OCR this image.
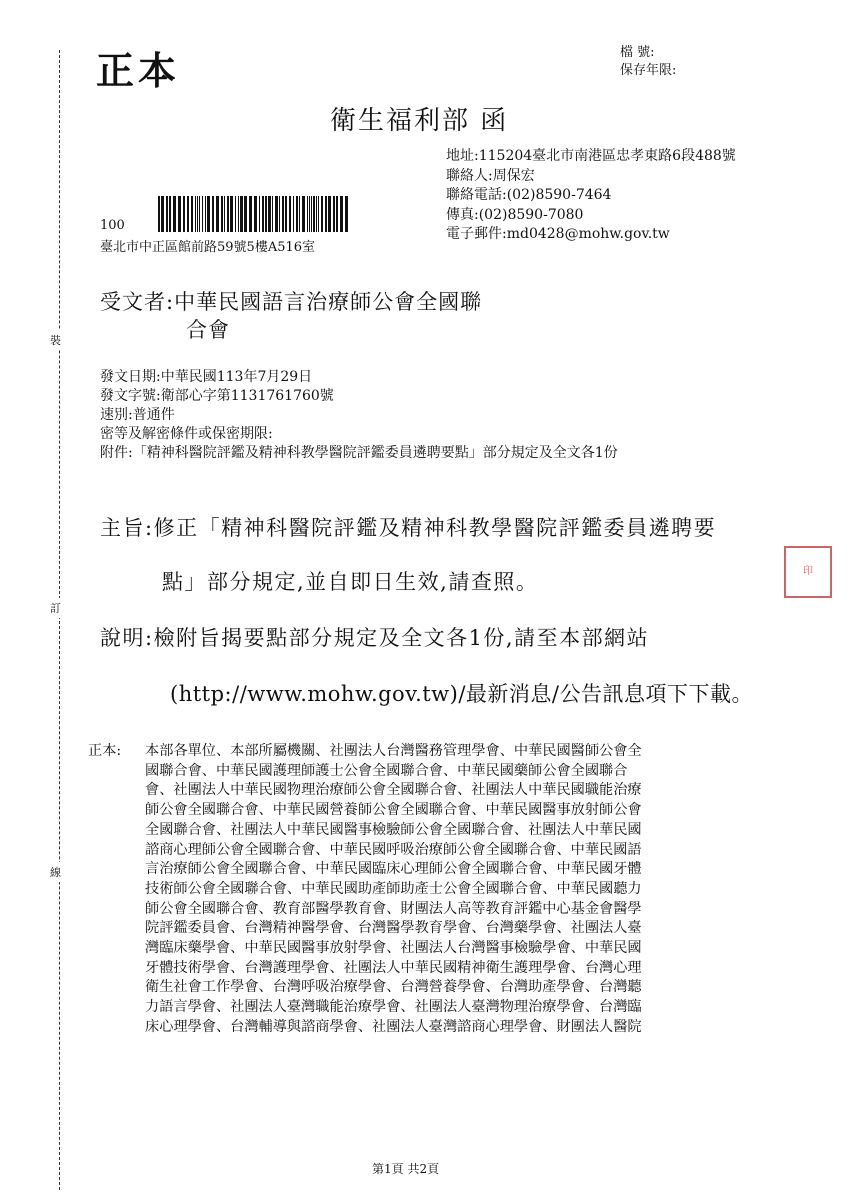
裝
訂
線
正本	檔 號:
保存年限:
衛生福利部 函
地址:115204臺北市南港區忠孝東路6段488號
聯絡人:周保宏
聯絡電話:(02)8590-7464
傳真:(02)8590-7080
電子郵件:md0428@mohw.gov.tw
100
臺北市中正區館前路59號5樓A516室
受文者:中華民國語言治療師公會全國聯
合會
發文日期:中華民國113年7月29日
發文字號:衛部心字第1131761760號
速別:普通件
密等及解密條件或保密期限:
附件:「精神科醫院評鑑及精神科教學醫院評鑑委員遴聘要點」部分規定及全文各1份
主旨:修正「精神科醫院評鑑及精神科教學醫院評鑑委員遴聘要
點」部分規定,並自即日生效,請查照。	印
說明:檢附旨揭要點部分規定及全文各1份,請至本部網站
(http://www.mohw.gov.tw)/最新消息/公告訊息項下下載。
正本: 本部各單位、本部所屬機關、社團法人台灣醫務管理學會、中華民國醫師公會全
國聯合會、中華民國護理師護士公會全國聯合會、中華民國藥師公會全國聯合
會、社團法人中華民國物理治療師公會全國聯合會、社團法人中華民國職能治療
師公會全國聯合會、中華民國營養師公會全國聯合會、中華民國醫事放射師公會
全國聯合會、社團法人中華民國醫事檢驗師公會全國聯合會、社團法人中華民國
諮商心理師公會全國聯合會、中華民國呼吸治療師公會全國聯合會、中華民國語
言治療師公會全國聯合會、中華民國臨床心理師公會全國聯合會、中華民國牙體
技術師公會全國聯合會、中華民國助產師助產士公會全國聯合會、中華民國聽力
師公會全國聯合會、教育部醫學教育會、財團法人高等教育評鑑中心基金會醫學
院評鑑委員會、台灣精神醫學會、台灣醫學教育學會、台灣藥學會、社團法人臺
灣臨床藥學會、中華民國醫事放射學會、社團法人台灣醫事檢驗學會、中華民國
牙體技術學會、台灣護理學會、社團法人中華民國精神衛生護理學會、台灣心理
衛生社會工作學會、台灣呼吸治療學會、台灣營養學會、台灣助產學會、台灣聽
力語言學會、社團法人臺灣職能治療學會、社團法人臺灣物理治療學會、台灣臨
床心理學會、台灣輔導與諮商學會、社團法人臺灣諮商心理學會、財團法人醫院
第1頁 共2頁
